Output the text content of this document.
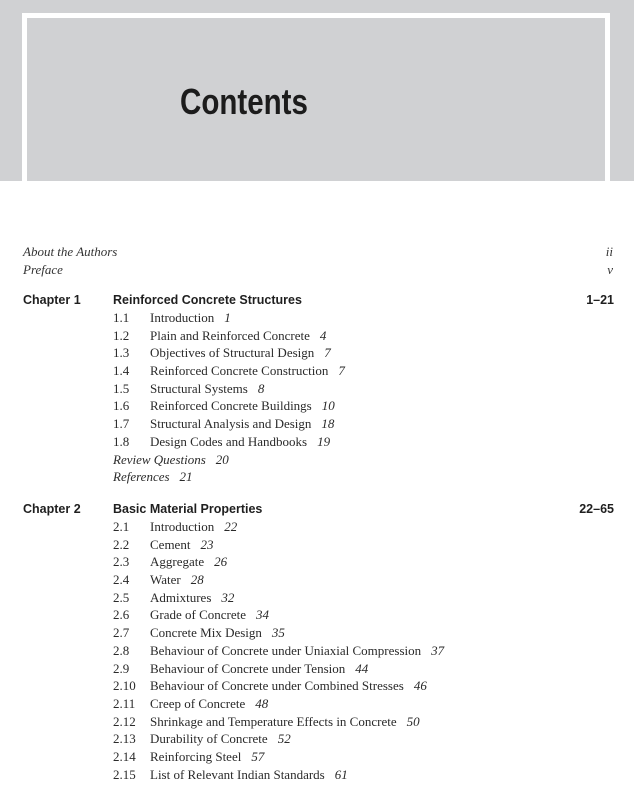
Contents
About the Authors	ii
Preface	v
Chapter 1	Reinforced Concrete Structures	1–21
1.1 Introduction 1
1.2 Plain and Reinforced Concrete 4
1.3 Objectives of Structural Design 7
1.4 Reinforced Concrete Construction 7
1.5 Structural Systems 8
1.6 Reinforced Concrete Buildings 10
1.7 Structural Analysis and Design 18
1.8 Design Codes and Handbooks 19
Review Questions 20
References 21
Chapter 2	Basic Material Properties	22–65
2.1 Introduction 22
2.2 Cement 23
2.3 Aggregate 26
2.4 Water 28
2.5 Admixtures 32
2.6 Grade of Concrete 34
2.7 Concrete Mix Design 35
2.8 Behaviour of Concrete under Uniaxial Compression 37
2.9 Behaviour of Concrete under Tension 44
2.10 Behaviour of Concrete under Combined Stresses 46
2.11 Creep of Concrete 48
2.12 Shrinkage and Temperature Effects in Concrete 50
2.13 Durability of Concrete 52
2.14 Reinforcing Steel 57
2.15 List of Relevant Indian Standards 61
